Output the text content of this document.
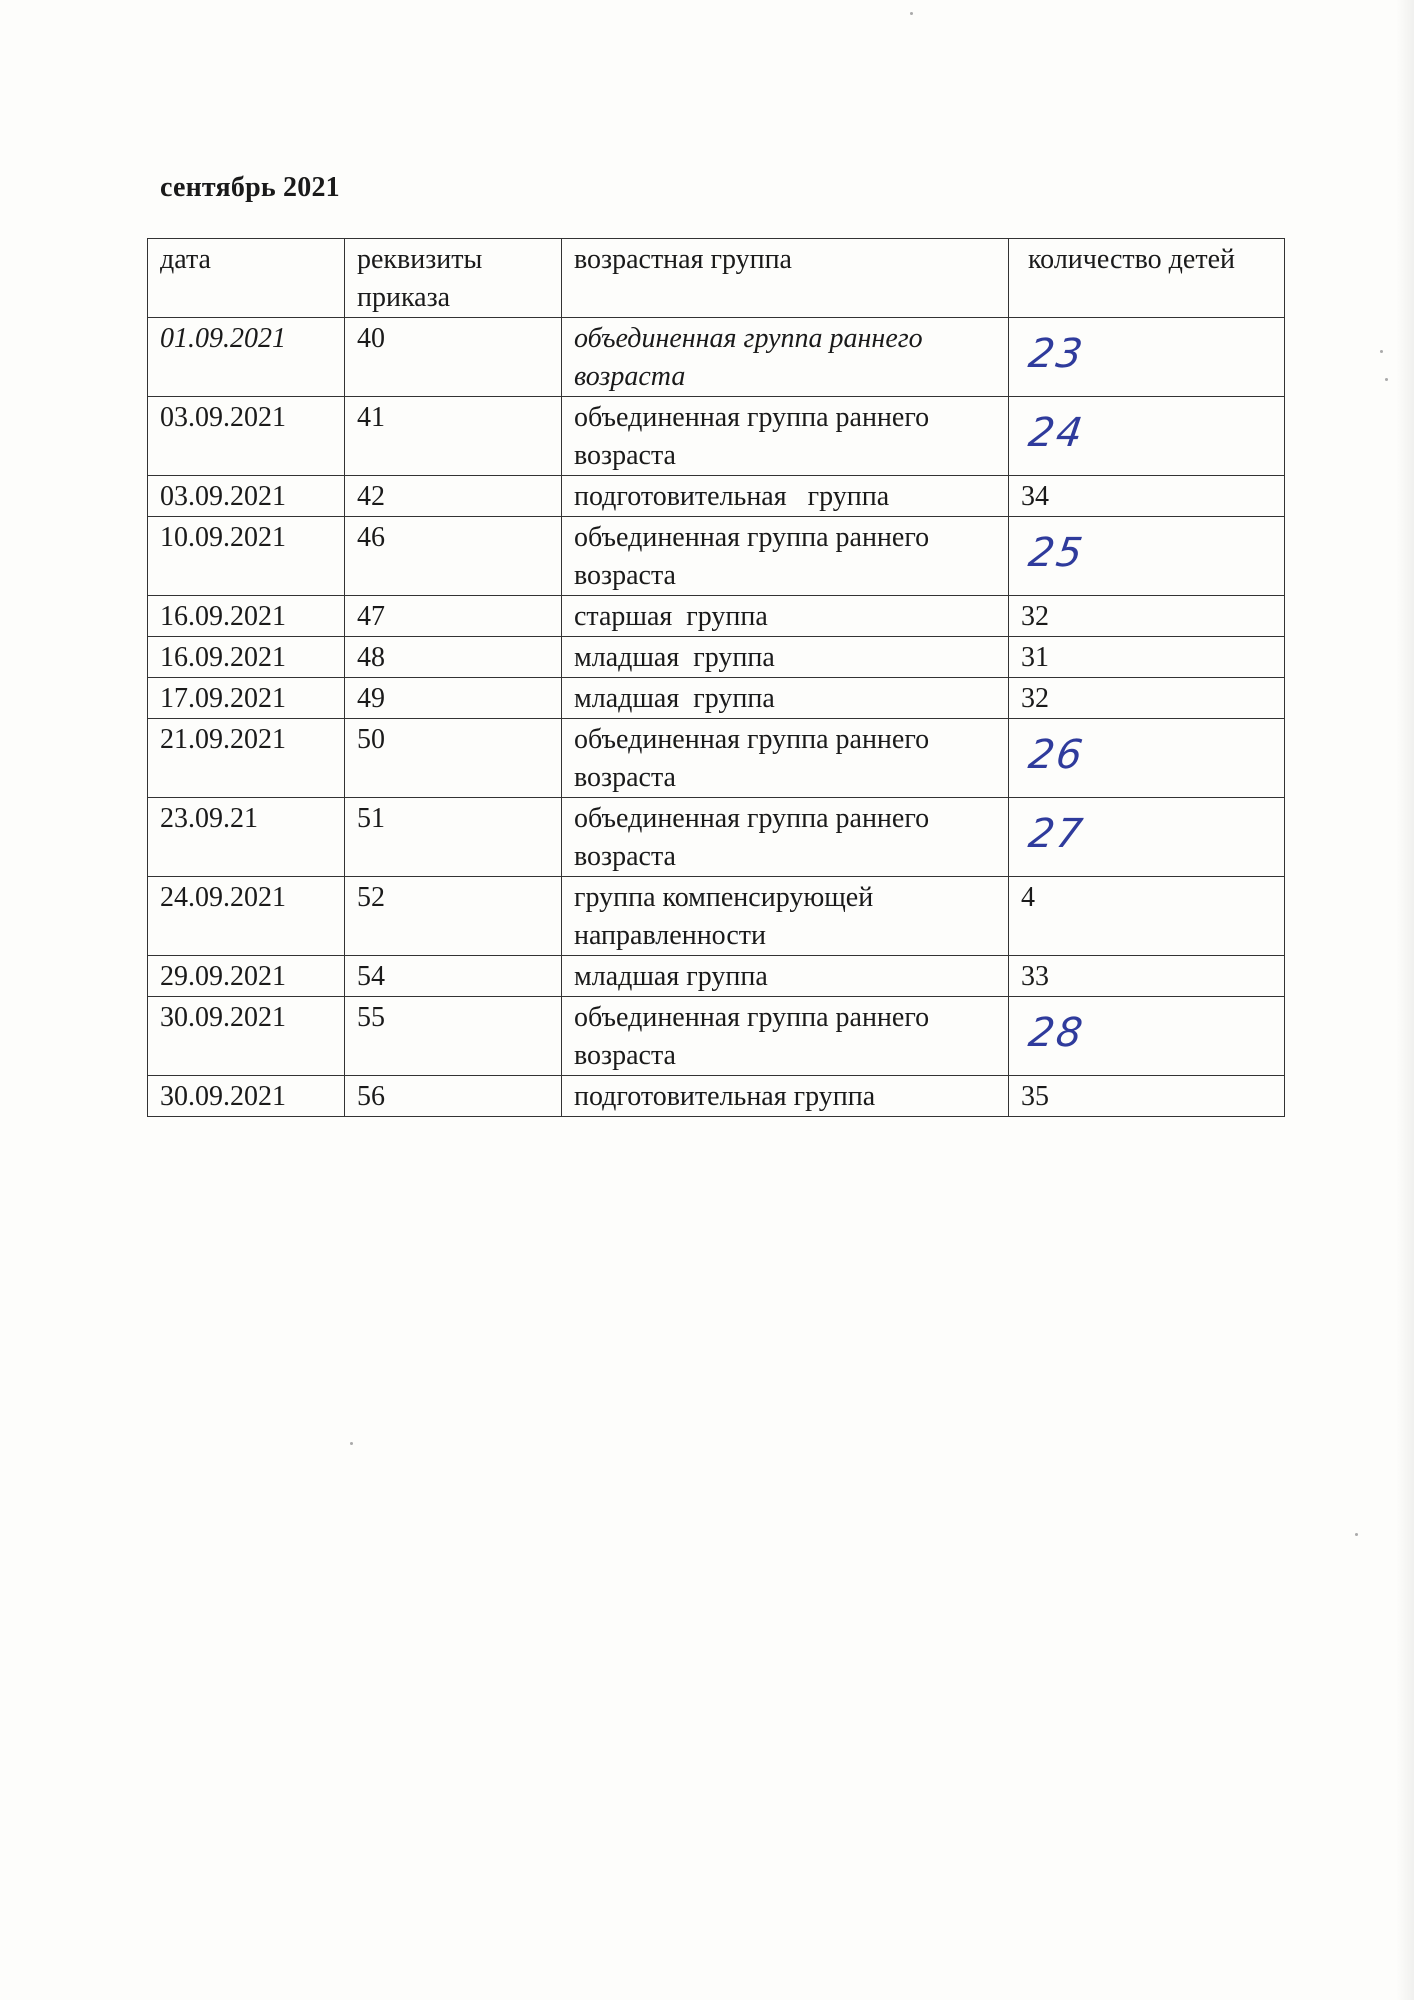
сентябрь 2021
дата	реквизиты приказа	возрастная группа	количество детей
01.09.2021	40	объединенная группа раннего возраста	23
03.09.2021	41	объединенная группа раннего возраста	24
03.09.2021	42	подготовительная   группа	34
10.09.2021	46	объединенная группа раннего возраста	25
16.09.2021	47	старшая  группа	32
16.09.2021	48	младшая  группа	31
17.09.2021	49	младшая  группа	32
21.09.2021	50	объединенная группа раннего возраста	26
23.09.21	51	объединенная группа раннего возраста	27
24.09.2021	52	группа компенсирующей направленности	4
29.09.2021	54	младшая группа	33
30.09.2021	55	объединенная группа раннего возраста	28
30.09.2021	56	подготовительная группа	35
